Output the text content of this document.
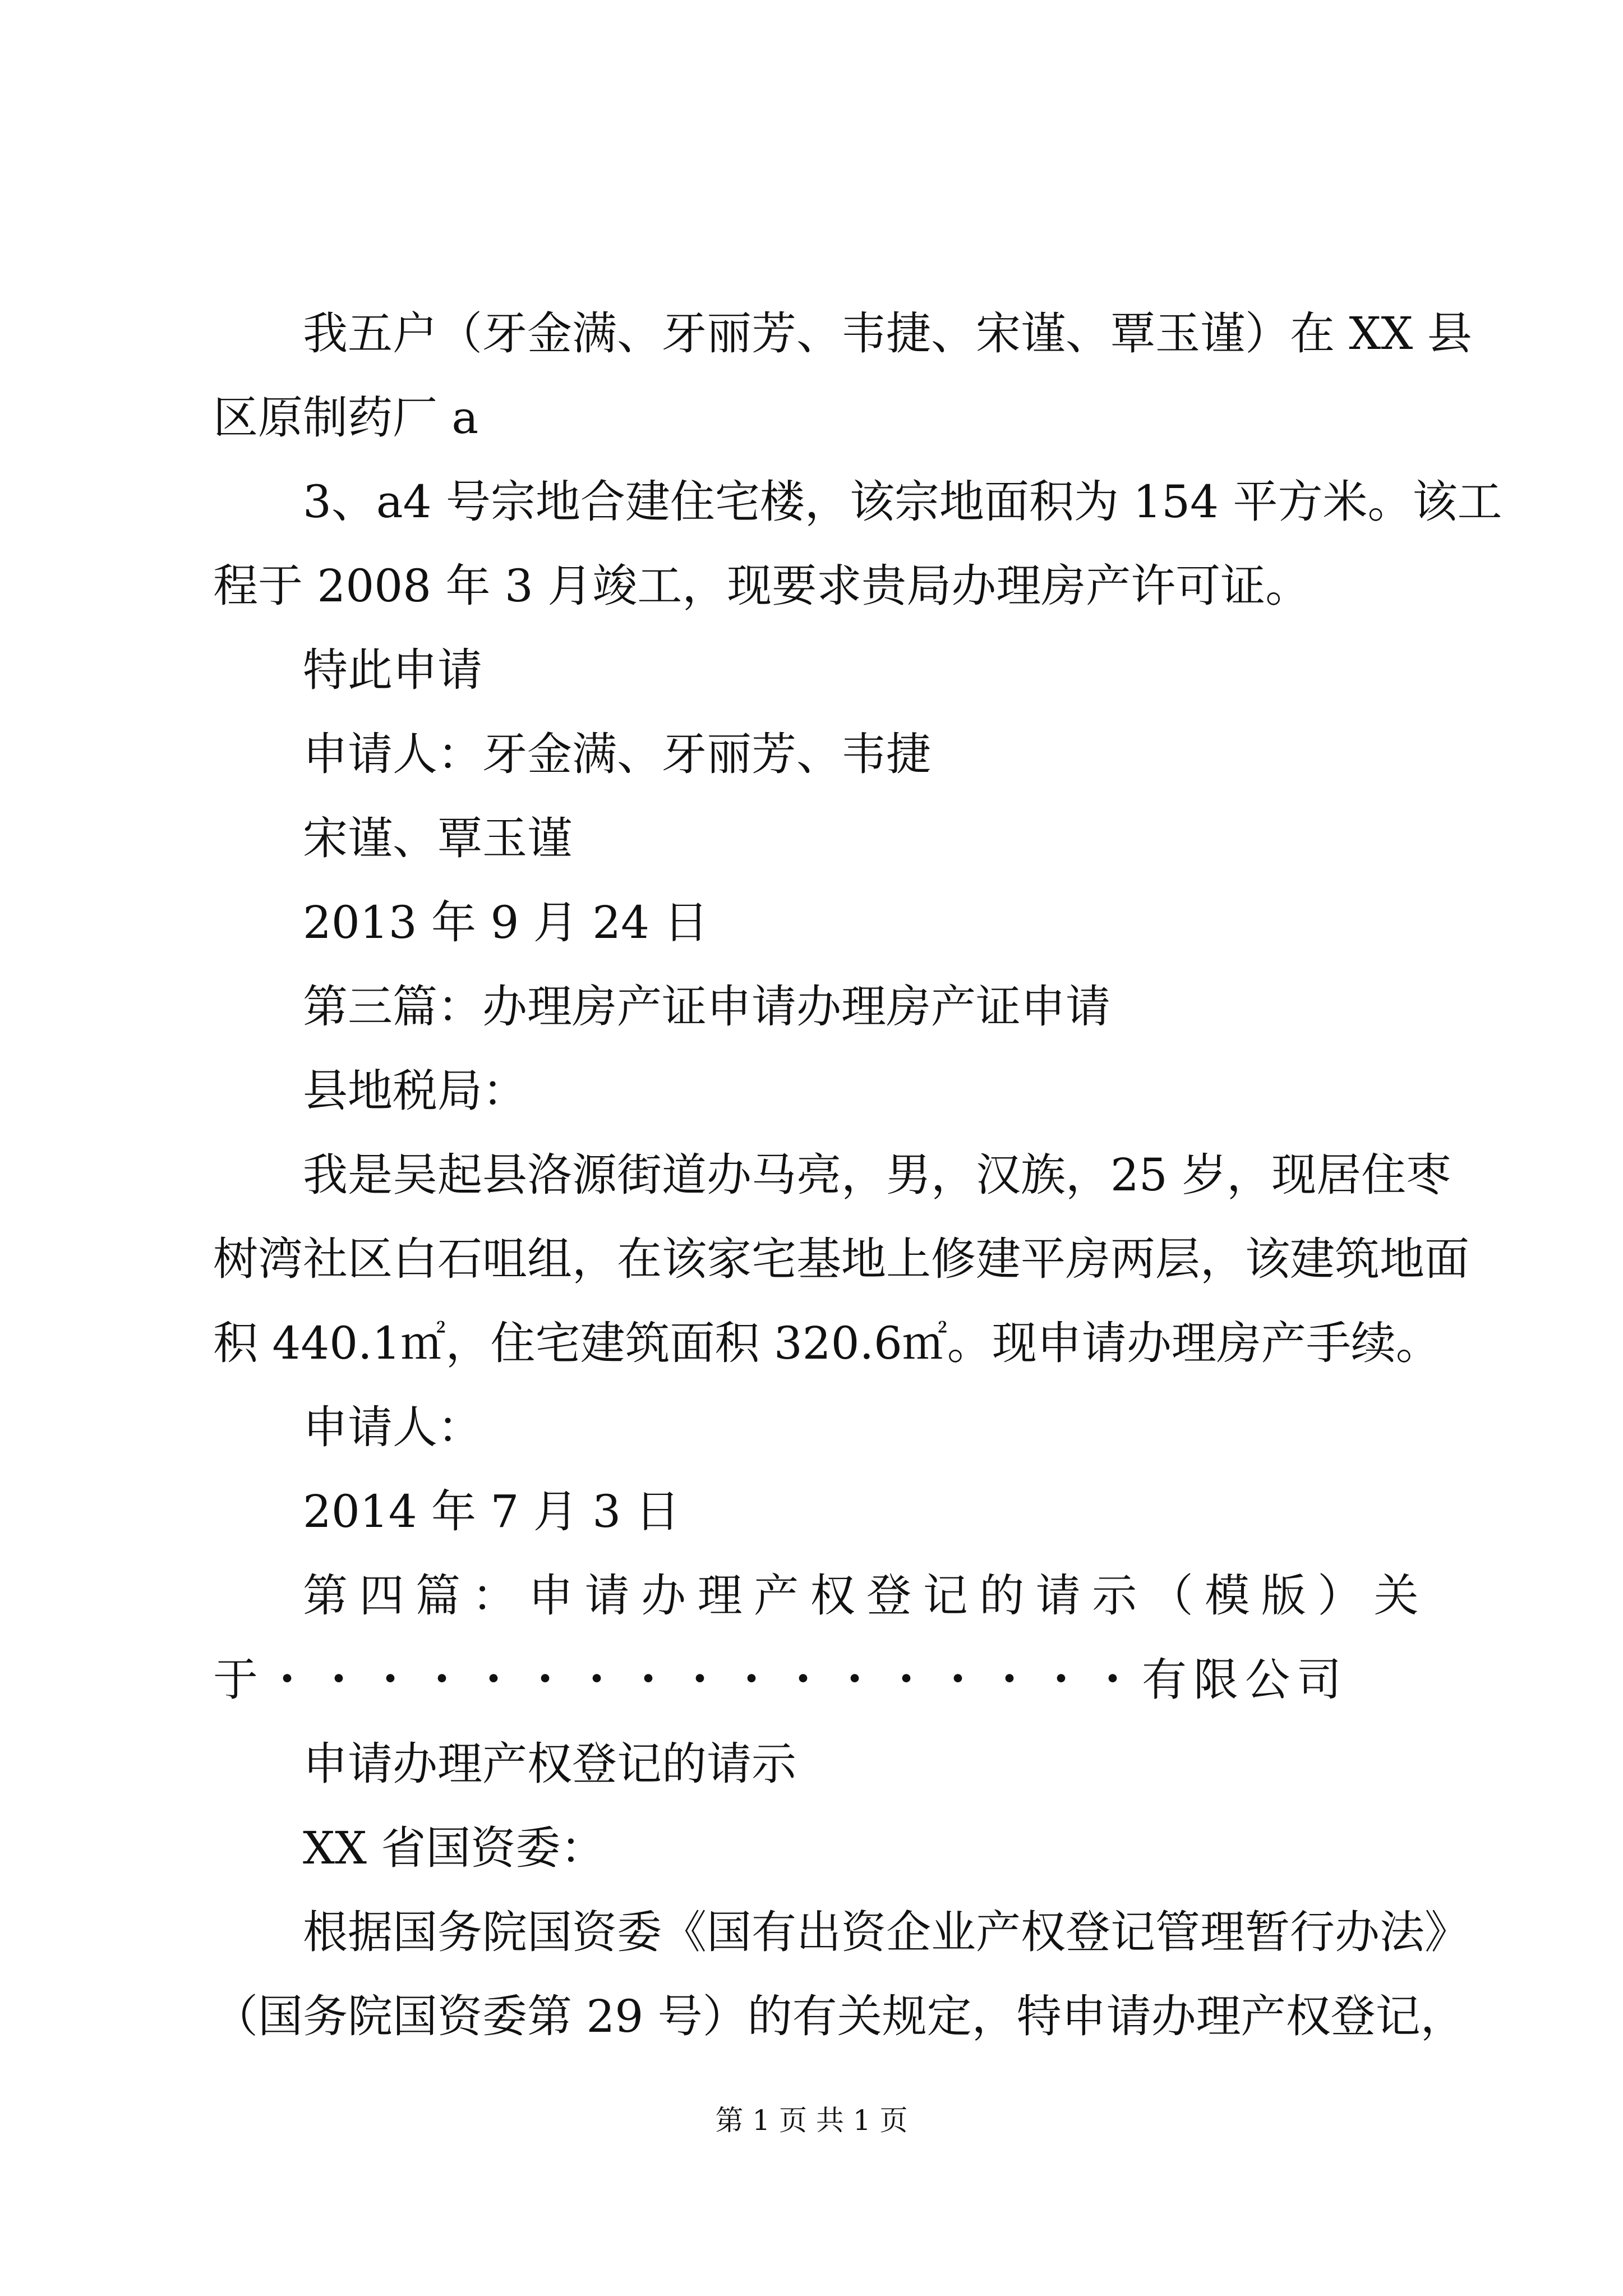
我五户（牙金满、牙丽芳、韦捷、宋谨、覃玉谨）在 XX 县
区原制药厂 a
3、a4 号宗地合建住宅楼，该宗地面积为 154 平方米。该工
程于 2008 年 3 月竣工，现要求贵局办理房产许可证。
特此申请
申请人：牙金满、牙丽芳、韦捷
宋谨、覃玉谨
2013 年 9 月 24 日
第三篇：办理房产证申请办理房产证申请
县地税局：
我是吴起县洛源街道办马亮，男，汉族，25 岁，现居住枣
树湾社区白石咀组，在该家宅基地上修建平房两层，该建筑地面
积 440.1㎡，住宅建筑面积 320.6㎡。现申请办理房产手续。
申请人：
2014 年 7 月 3 日
第 四 篇 ： 申 请 办 理 产 权 登 记 的 请 示 （ 模 版 ） 关
于・・・・・・・・・・・・・・・・・有限公司
申请办理产权登记的请示
XX 省国资委：
根据国务院国资委《国有出资企业产权登记管理暂行办法》
（国务院国资委第 29 号）的有关规定，特申请办理产权登记，
第 1 页 共 1 页
